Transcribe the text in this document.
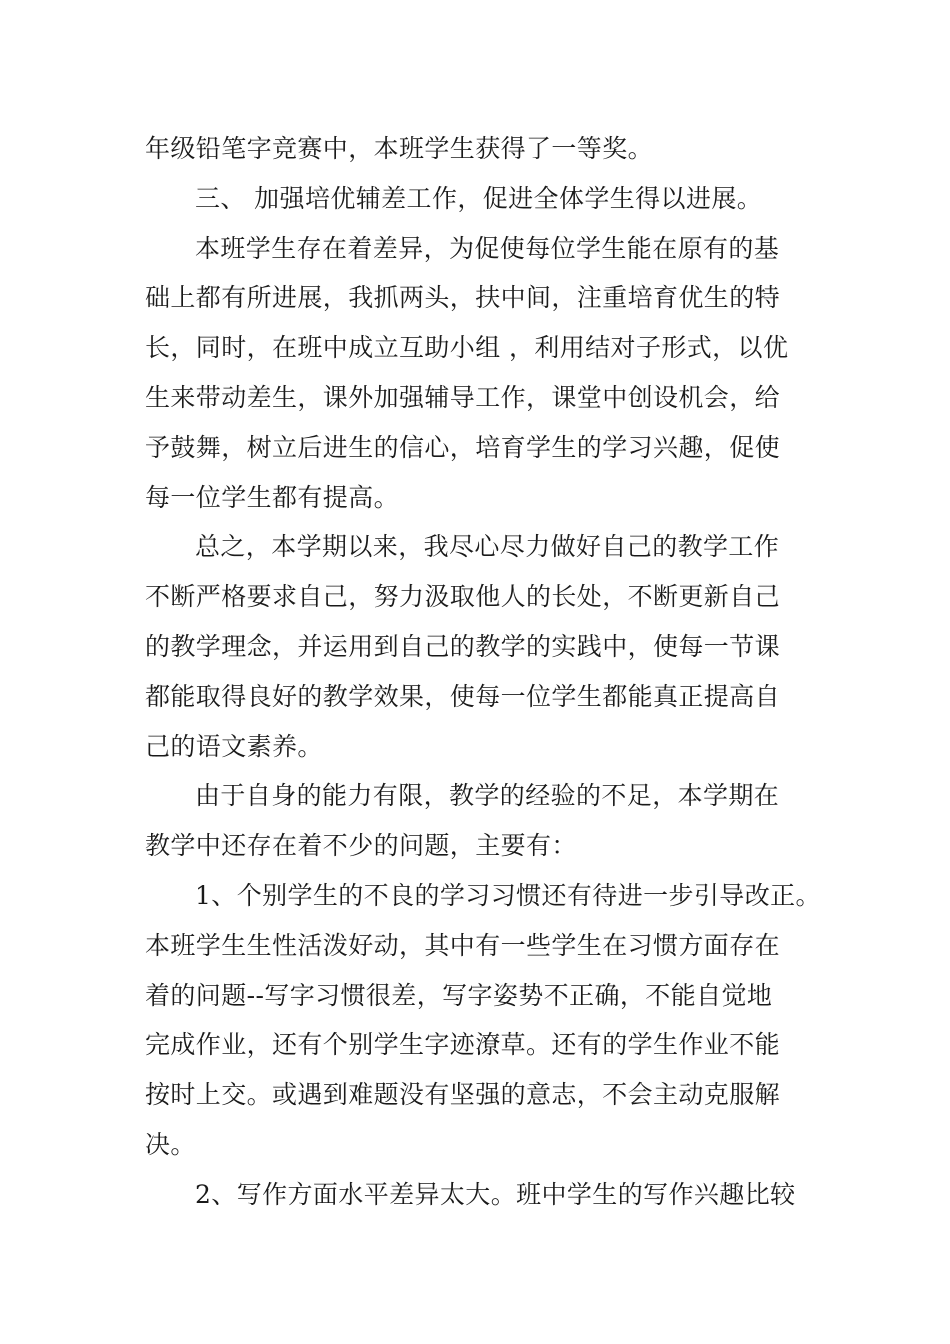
年级铅笔字竞赛中，本班学生获得了一等奖。
三、 加强培优辅差工作，促进全体学生得以进展。
本班学生存在着差异，为促使每位学生能在原有的基
础上都有所进展，我抓两头，扶中间，注重培育优生的特
长，同时，在班中成立互助小组 ，利用结对子形式，以优
生来带动差生，课外加强辅导工作，课堂中创设机会，给
予鼓舞，树立后进生的信心，培育学生的学习兴趣，促使
每一位学生都有提高。
总之，本学期以来，我尽心尽力做好自己的教学工作
不断严格要求自己，努力汲取他人的长处，不断更新自己
的教学理念，并运用到自己的教学的实践中，使每一节课
都能取得良好的教学效果，使每一位学生都能真正提高自
己的语文素养。
由于自身的能力有限，教学的经验的不足，本学期在
教学中还存在着不少的问题，主要有：
1、个别学生的不良的学习习惯还有待进一步引导改正。
本班学生生性活泼好动，其中有一些学生在习惯方面存在
着的问题--写字习惯很差，写字姿势不正确，不能自觉地
完成作业，还有个别学生字迹潦草。还有的学生作业不能
按时上交。或遇到难题没有坚强的意志，不会主动克服解
决。
2、写作方面水平差异太大。班中学生的写作兴趣比较
